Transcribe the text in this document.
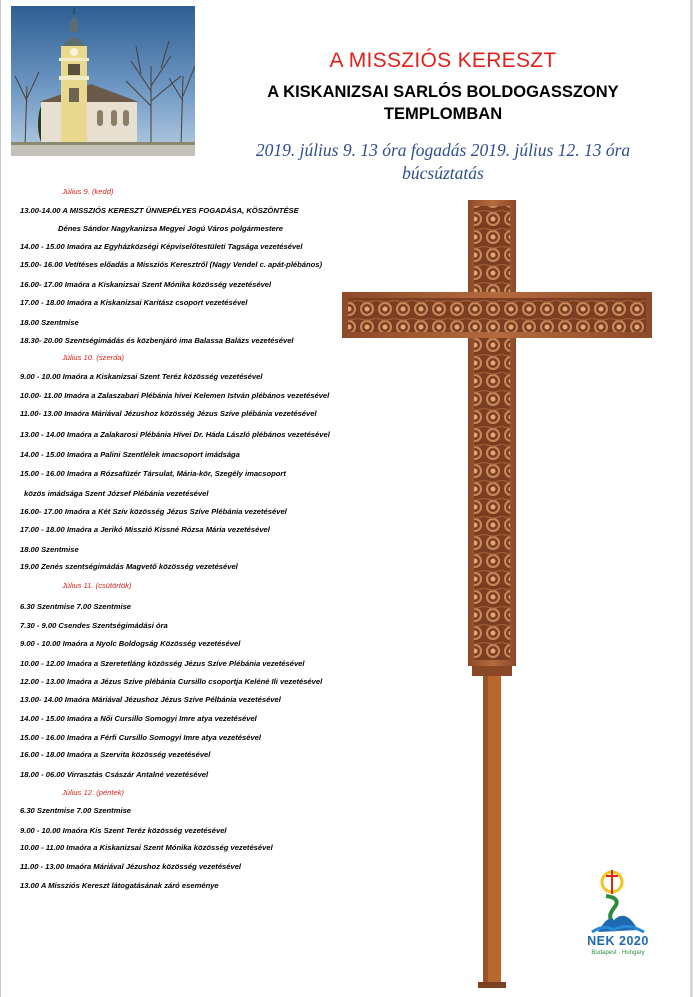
A MISSZIÓS KERESZT
A KISKANIZSAI SARLÓS BOLDOGASSZONY
TEMPLOMBAN
2019. július 9. 13 óra fogadás 2019. július 12. 13 óra
búcsúztatás
Július 9. (kedd)
13.00-14.00 A MISSZIÓS KERESZT ÜNNEPÉLYES FOGADÁSA, KÖSZÖNTÉSE
Dénes Sándor Nagykanizsa Megyei Jogú Város polgármestere
14.00 - 15.00 Imaóra az Egyházközségi Képviselőtestületi Tagsága vezetésével
15.00- 16.00 Vetítéses előadás a Missziós Keresztről (Nagy Vendel c. apát-plébános)
16.00- 17.00 Imaóra a Kiskanizsai Szent Mónika közösség vezetésével
17.00 - 18.00 Imaóra a Kiskanizsai Karitász csoport vezetésével
18.00 Szentmise
18.30- 20.00 Szentségimádás és közbenjáró ima Balassa Balázs vezetésével
Július 10. (szerda)
9.00 - 10.00 Imaóra a Kiskanizsai Szent Teréz közösség vezetésével
10.00- 11.00 Imaóra a Zalaszabari Plébánia hívei Kelemen István plébános vezetésével
11.00- 13.00 Imaóra Máriával Jézushoz közösség Jézus Szíve plébánia vezetésével
13.00 - 14.00 Imaóra a Zalakarosi Plébánia Hívei Dr. Háda László plébános vezetésével
14.00 - 15.00 Imaóra a Palini Szentlélek imacsoport imádsága
15.00 - 16.00 Imaóra a Rózsafüzér Társulat, Mária-kör, Szegély imacsoport
közös imádsága Szent József Plébánia vezetésével
16.00- 17.00 Imaóra a Két Szív közösség Jézus Szíve Plébánia vezetésével
17.00 - 18.00 Imaóra a Jerikó Misszió Kissné Rózsa Mária vezetésével
18.00 Szentmise
19.00 Zenés szentségimádás Magvető közösség vezetésével
Július 11. (csütörtök)
6.30 Szentmise 7.00 Szentmise
7.30 - 9.00 Csendes Szentségimádási óra
9.00 - 10.00 Imaóra a Nyolc Boldogság Közösség vezetésével
10.00 - 12.00 Imaóra a Szeretetláng közösség Jézus Szíve Plébánia vezetésével
12.00 - 13.00 Imaóra a Jézus Szíve plébánia Cursillo csoportja Keléné Ili vezetésével
13.00- 14.00 Imaóra Máriával Jézushoz Jézus Szíve Pélbánia vezetésével
14.00 - 15.00 Imaóra a Női Cursillo Somogyi Imre atya vezetésével
15.00 - 16.00 Imaóra a Férfi Cursillo Somogyi Imre atya vezetésével
16.00 - 18.00 Imaóra a Szervita közösség vezetésével
18.00 - 06.00 Virrasztás Császár Antalné vezetésével
Július 12. (péntek)
6.30 Szentmise 7.00 Szentmise
9.00 - 10.00 Imaóra Kis Szent Teréz közösség vezetésével
10.00 - 11.00 Imaóra a Kiskanizsai Szent Mónika közösség vezetésével
11.00 - 13.00 Imaóra Máriával Jézushoz közösség vezetésével
13.00 A Missziós Kereszt látogatásának záró eseménye
NEK 2020
Budapest · Hungary
